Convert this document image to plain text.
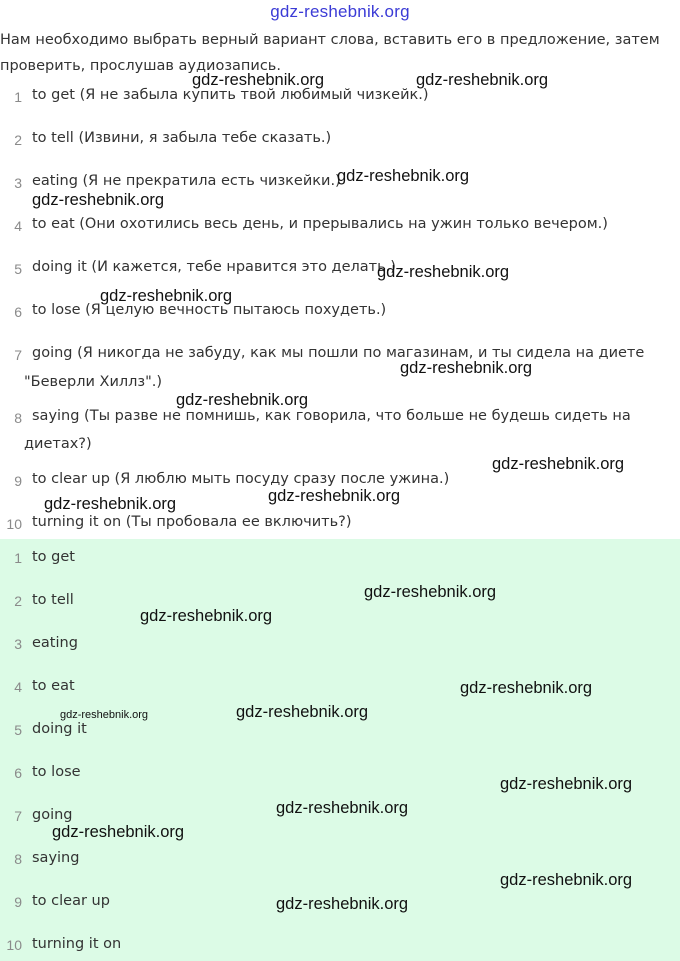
gdz-reshebnik.org
Нам необходимо выбрать верный вариант слова, вставить его в предложение, затем
проверить, прослушав аудиозапись.
1 to get (Я не забыла купить твой любимый чизкейк.)
2 to tell (Извини, я забыла тебе сказать.)
3 eating (Я не прекратила есть чизкейки.)
4 to eat (Они охотились весь день, и прерывались на ужин только вечером.)
5 doing it (И кажется, тебе нравится это делать.)
6 to lose (Я целую вечность пытаюсь похудеть.)
7 going (Я никогда не забуду, как мы пошли по магазинам, и ты сидела на диете
"Беверли Хиллз".)
8 saying (Ты разве не помнишь, как говорила, что больше не будешь сидеть на
диетах?)
9 to clear up (Я люблю мыть посуду сразу после ужина.)
10 turning it on (Ты пробовала ее включить?)
1 to get
2 to tell
3 eating
4 to eat
5 doing it
6 to lose
7 going
8 saying
9 to clear up
10 turning it on
gdz-reshebnik.org	gdz-reshebnik.org
gdz-reshebnik.org
gdz-reshebnik.org
gdz-reshebnik.org
gdz-reshebnik.org
gdz-reshebnik.org
gdz-reshebnik.org
gdz-reshebnik.org
gdz-reshebnik.org
gdz-reshebnik.org
gdz-reshebnik.org
gdz-reshebnik.org
gdz-reshebnik.org
gdz-reshebnik.org	gdz-reshebnik.org
gdz-reshebnik.org
gdz-reshebnik.org
gdz-reshebnik.org
gdz-reshebnik.org
gdz-reshebnik.org
